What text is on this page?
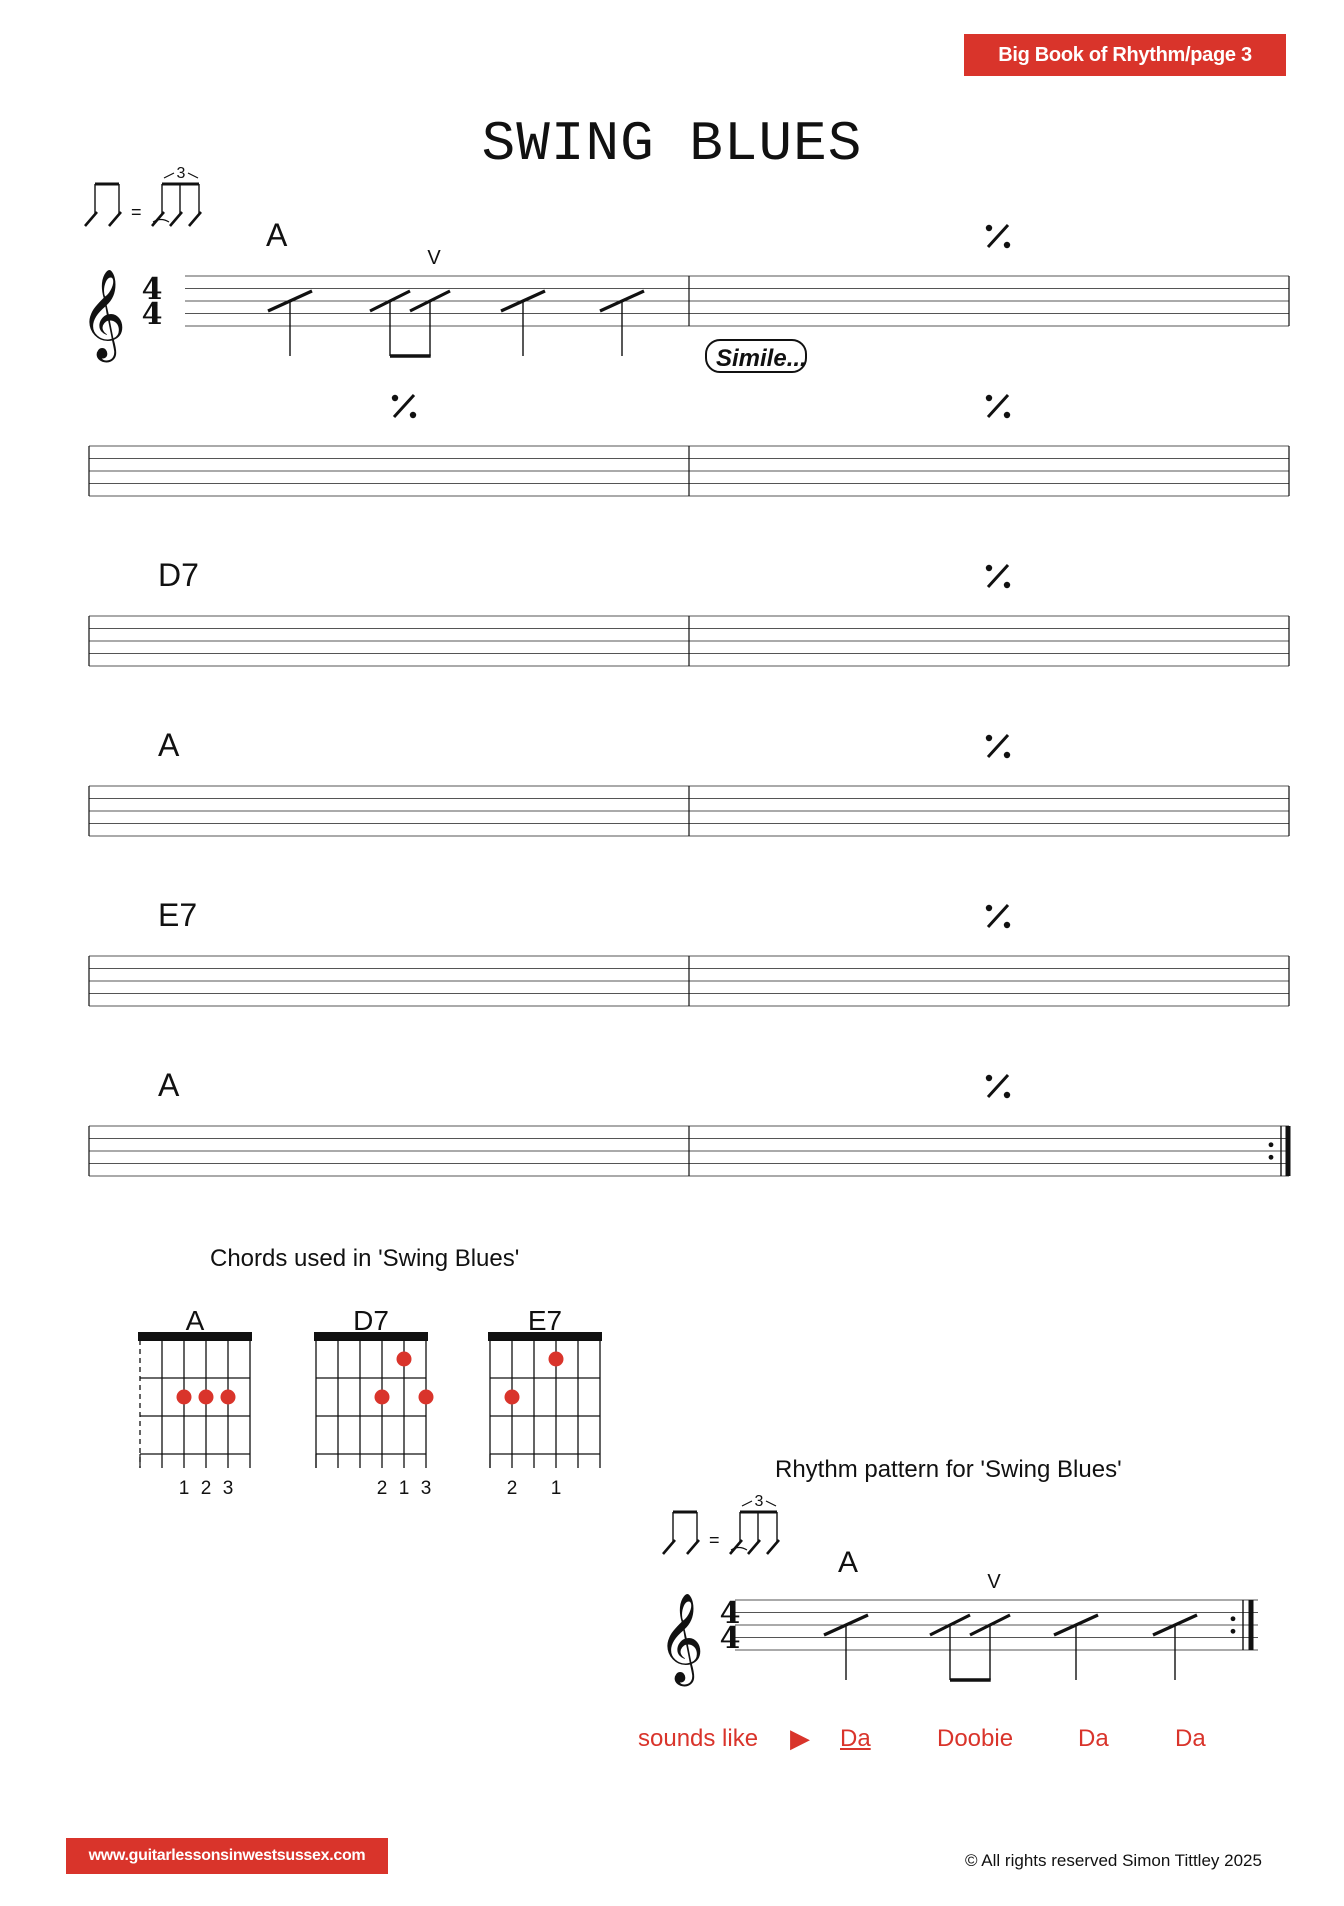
Big Book of Rhythm/page 3
SWING BLUES
𝄞 4
4
=
3
V
Simile...
A
D7
A
E7
A
A
1 2 3
D7
2 1 3
E7
2 1
𝄞 4
4
=
3
A
V
Chords used in 'Swing Blues'
Rhythm pattern for 'Swing Blues'
sounds like ▶ Da	Doobie	Da	Da
www.guitarlessonsinwestsussex.com	© All rights reserved Simon Tittley 2025
